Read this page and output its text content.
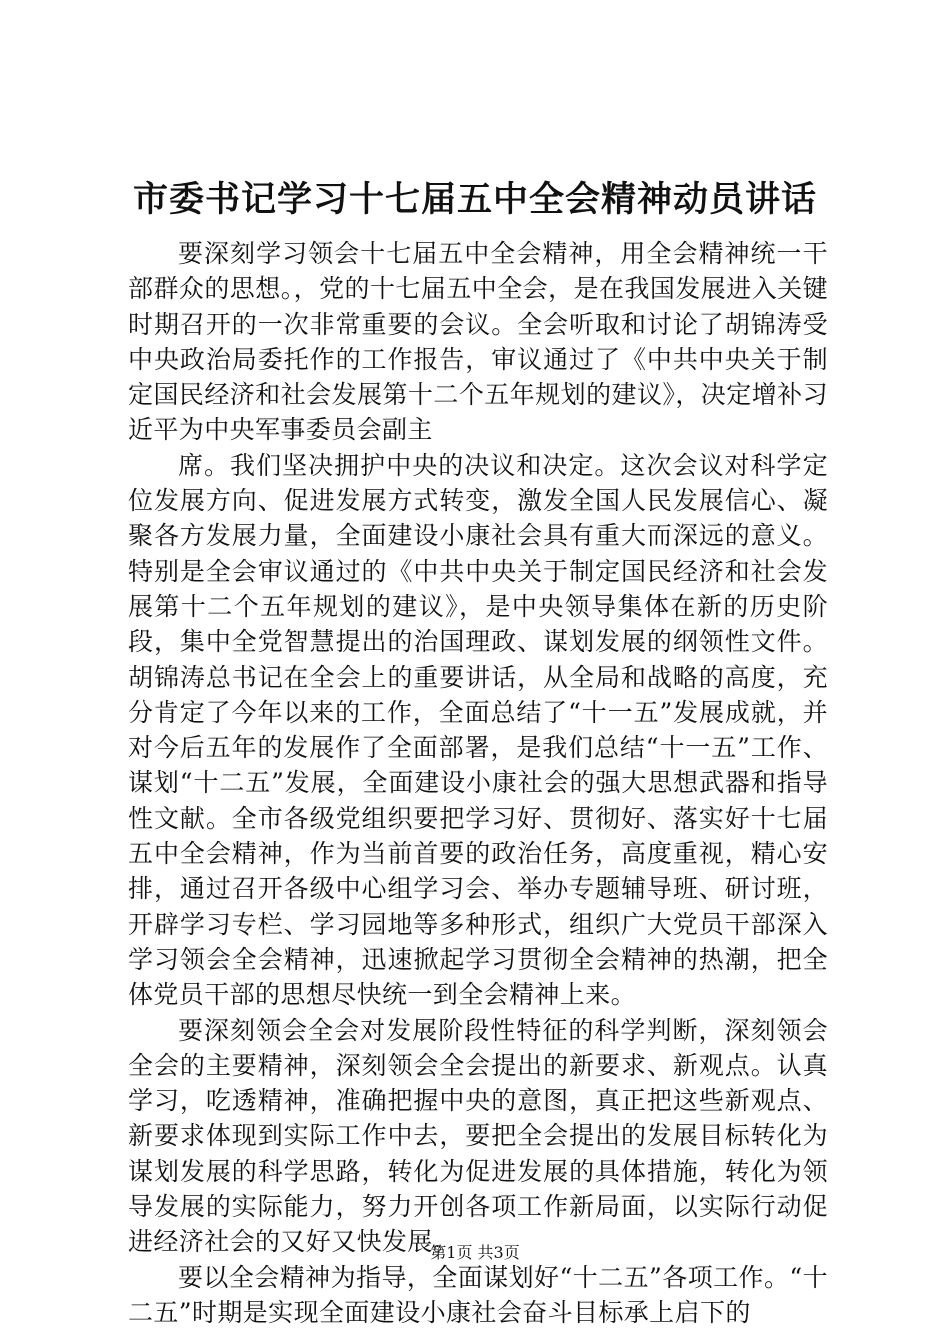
市委书记学习十七届五中全会精神动员讲话

要深刻学习领会十七届五中全会精神，用全会精神统一干部群众的思想。，党的十七届五中全会，是在我国发展进入关键时期召开的一次非常重要的会议。全会听取和讨论了胡锦涛受中央政治局委托作的工作报告，审议通过了《中共中央关于制定国民经济和社会发展第十二个五年规划的建议》，决定增补习近平为中央军事委员会副主

席。我们坚决拥护中央的决议和决定。这次会议对科学定位发展方向、促进发展方式转变，激发全国人民发展信心、凝聚各方发展力量，全面建设小康社会具有重大而深远的意义。特别是全会审议通过的《中共中央关于制定国民经济和社会发展第十二个五年规划的建议》，是中央领导集体在新的历史阶段，集中全党智慧提出的治国理政、谋划发展的纲领性文件。胡锦涛总书记在全会上的重要讲话，从全局和战略的高度，充分肯定了今年以来的工作，全面总结了“十一五”发展成就，并对今后五年的发展作了全面部署，是我们总结“十一五”工作、谋划“十二五”发展，全面建设小康社会的强大思想武器和指导性文献。全市各级党组织要把学习好、贯彻好、落实好十七届五中全会精神，作为当前首要的政治任务，高度重视，精心安排，通过召开各级中心组学习会、举办专题辅导班、研讨班，开辟学习专栏、学习园地等多种形式，组织广大党员干部深入学习领会全会精神，迅速掀起学习贯彻全会精神的热潮，把全体党员干部的思想尽快统一到全会精神上来。

要深刻领会全会对发展阶段性特征的科学判断，深刻领会全会的主要精神，深刻领会全会提出的新要求、新观点。认真学习，吃透精神，准确把握中央的意图，真正把这些新观点、新要求体现到实际工作中去，要把全会提出的发展目标转化为谋划发展的科学思路，转化为促进发展的具体措施，转化为领导发展的实际能力，努力开创各项工作新局面，以实际行动促进经济社会的又好又快发展。

要以全会精神为指导，全面谋划好“十二五”各项工作。“十二五”时期是实现全面建设小康社会奋斗目标承上启下的

第1页 共3页
